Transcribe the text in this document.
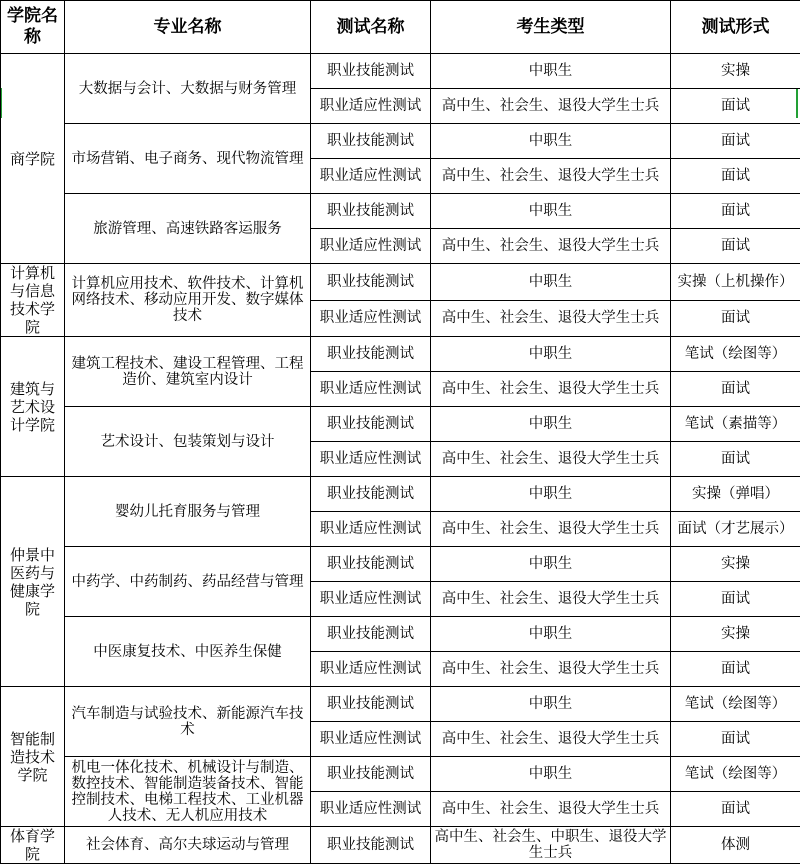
学院名称	专业名称	测试名称	考生类型	测试形式
商学院	大数据与会计、大数据与财务管理	职业技能测试	中职生	实操
		职业适应性测试	高中生、社会生、退役大学生士兵	面试
	市场营销、电子商务、现代物流管理	职业技能测试	中职生	面试
		职业适应性测试	高中生、社会生、退役大学生士兵	面试
	旅游管理、高速铁路客运服务	职业技能测试	中职生	面试
		职业适应性测试	高中生、社会生、退役大学生士兵	面试
计算机与信息技术学院	计算机应用技术、软件技术、计算机网络技术、移动应用开发、数字媒体技术	职业技能测试	中职生	实操（上机操作）
		职业适应性测试	高中生、社会生、退役大学生士兵	面试
建筑与艺术设计学院	建筑工程技术、建设工程管理、工程造价、建筑室内设计	职业技能测试	中职生	笔试（绘图等）
		职业适应性测试	高中生、社会生、退役大学生士兵	面试
	艺术设计、包装策划与设计	职业技能测试	中职生	笔试（素描等）
		职业适应性测试	高中生、社会生、退役大学生士兵	面试
仲景中医药与健康学院	婴幼儿托育服务与管理	职业技能测试	中职生	实操（弹唱）
		职业适应性测试	高中生、社会生、退役大学生士兵	面试（才艺展示）
	中药学、中药制药、药品经营与管理	职业技能测试	中职生	实操
		职业适应性测试	高中生、社会生、退役大学生士兵	面试
	中医康复技术、中医养生保健	职业技能测试	中职生	实操
		职业适应性测试	高中生、社会生、退役大学生士兵	面试
智能制造技术学院	汽车制造与试验技术、新能源汽车技术	职业技能测试	中职生	笔试（绘图等）
		职业适应性测试	高中生、社会生、退役大学生士兵	面试
	机电一体化技术、机械设计与制造、数控技术、智能制造装备技术、智能控制技术、电梯工程技术、工业机器人技术、无人机应用技术	职业技能测试	中职生	笔试（绘图等）
		职业适应性测试	高中生、社会生、退役大学生士兵	面试
体育学院	社会体育、高尔夫球运动与管理	职业技能测试	高中生、社会生、中职生、退役大学生士兵	体测
